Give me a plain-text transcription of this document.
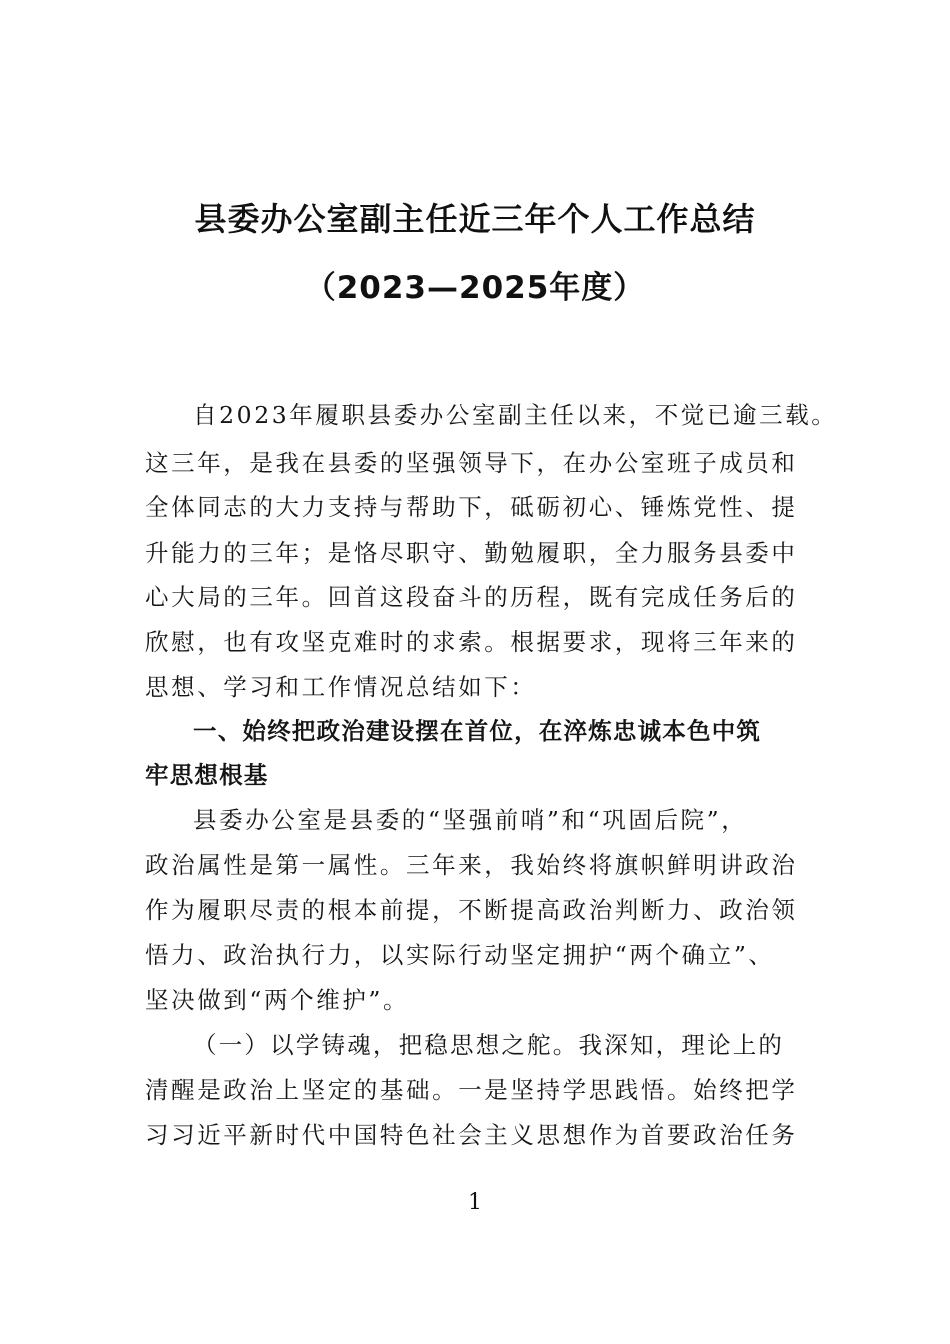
县委办公室副主任近三年个人工作总结
（2023—2025年度）
自2023年履职县委办公室副主任以来，不觉已逾三载。
这三年，是我在县委的坚强领导下，在办公室班子成员和
全体同志的大力支持与帮助下，砥砺初心、锤炼党性、提
升能力的三年；是恪尽职守、勤勉履职，全力服务县委中
心大局的三年。回首这段奋斗的历程，既有完成任务后的
欣慰，也有攻坚克难时的求索。根据要求，现将三年来的
思想、学习和工作情况总结如下：
一、始终把政治建设摆在首位，在淬炼忠诚本色中筑
牢思想根基
县委办公室是县委的“坚强前哨”和“巩固后院”，
政治属性是第一属性。三年来，我始终将旗帜鲜明讲政治
作为履职尽责的根本前提，不断提高政治判断力、政治领
悟力、政治执行力，以实际行动坚定拥护“两个确立”、
坚决做到“两个维护”。
（一）以学铸魂，把稳思想之舵。我深知，理论上的
清醒是政治上坚定的基础。一是坚持学思践悟。始终把学
习习近平新时代中国特色社会主义思想作为首要政治任务
1
